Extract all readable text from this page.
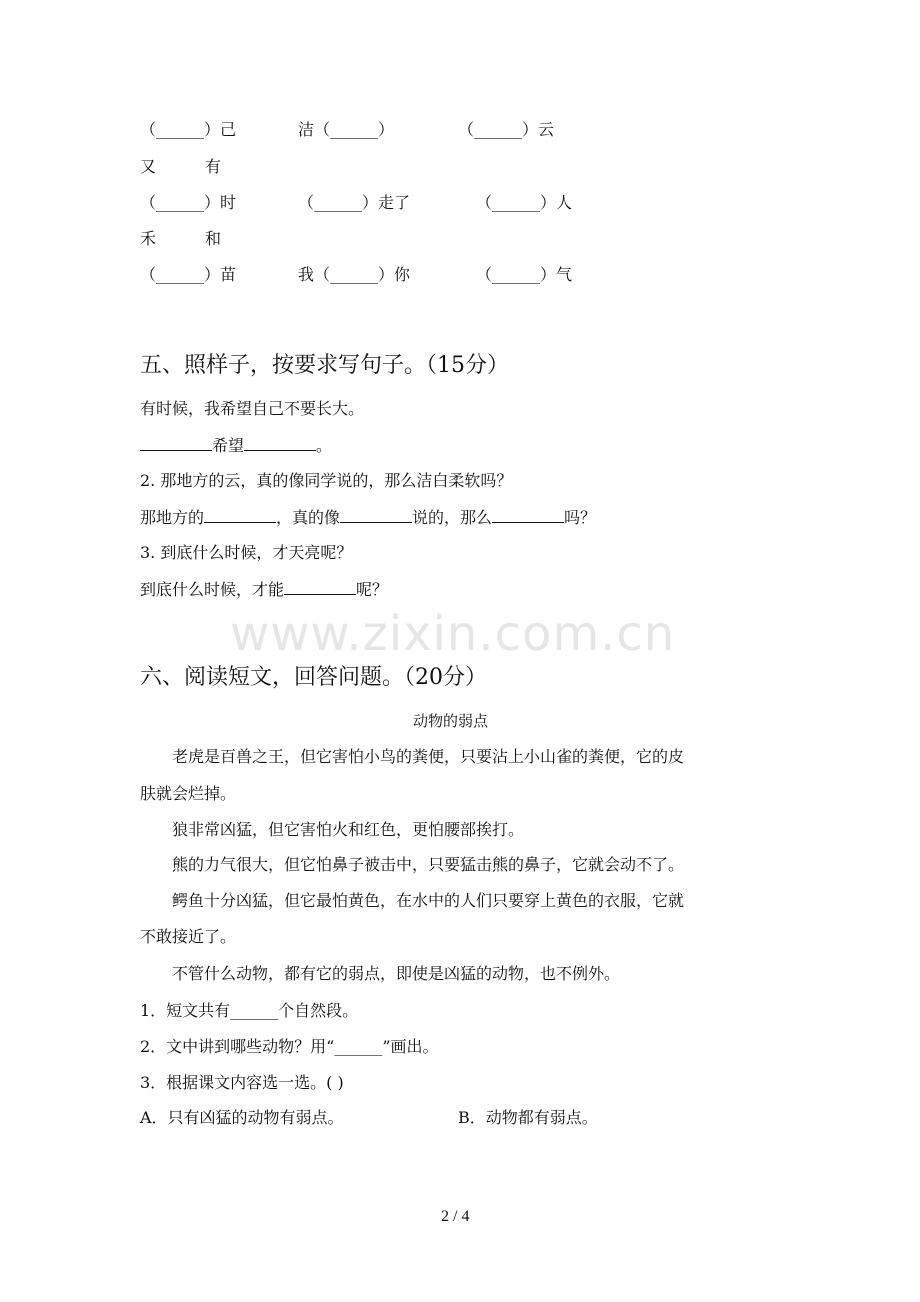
（______）己	洁（______）	（______）云
又	有
（______）时	（______）走了	（______）人
禾	和
（______）苗	我（______）你	（______）气
五、照样子，按要求写句子。（15分）
有时候，我希望自己不要长大。
希望	。
2. 那地方的云，真的像同学说的，那么洁白柔软吗？
那地方的	，真的像	说的，那么	吗？
3. 到底什么时候，才天亮呢？
到底什么时候，才能	呢？
www.zixin.com.cn
六、阅读短文，回答问题。（20分）
动物的弱点
老虎是百兽之王，但它害怕小鸟的粪便，只要沾上小山雀的粪便，它的皮
肤就会烂掉。
狼非常凶猛，但它害怕火和红色，更怕腰部挨打。
熊的力气很大，但它怕鼻子被击中，只要猛击熊的鼻子，它就会动不了。
鳄鱼十分凶猛，但它最怕黄色，在水中的人们只要穿上黄色的衣服，它就
不敢接近了。
不管什么动物，都有它的弱点，即使是凶猛的动物，也不例外。
1．短文共有______个自然段。
2．文中讲到哪些动物？用“______”画出。
3．根据课文内容选一选。( )
A．只有凶猛的动物有弱点。	B．动物都有弱点。
2 / 4
